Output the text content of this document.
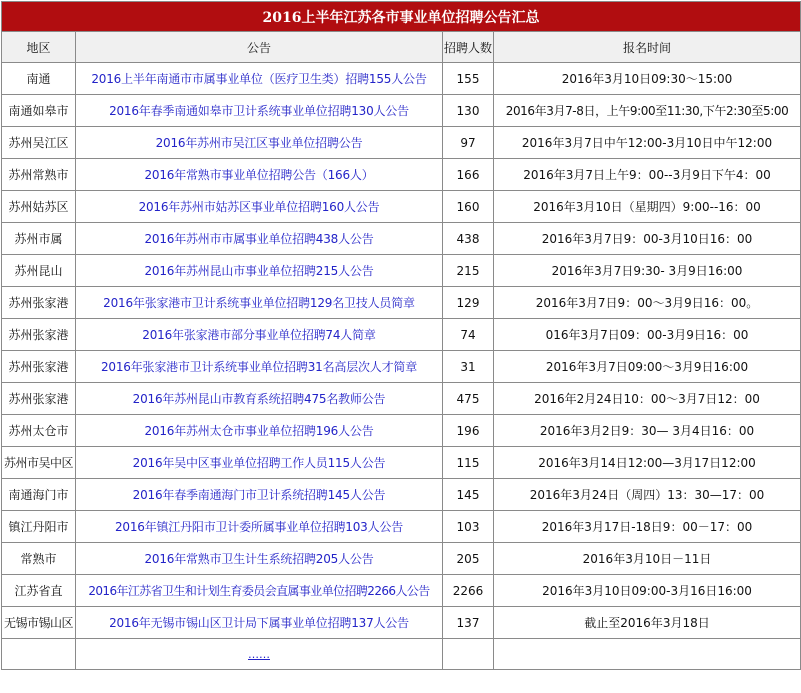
2016上半年江苏各市事业单位招聘公告汇总			
地区	公告	招聘人数	报名时间
南通	2016上半年南通市市属事业单位（医疗卫生类）招聘155人公告	155	2016年3月10日09:30～15:00
南通如皋市	2016年春季南通如皋市卫计系统事业单位招聘130人公告	130	2016年3月7-8日，上午9:00至11:30,下午2:30至5:00
苏州吴江区	2016年苏州市吴江区事业单位招聘公告	97	2016年3月7日中午12:00-3月10日中午12:00
苏州常熟市	2016年常熟市事业单位招聘公告（166人）	166	2016年3月7日上午9：00--3月9日下午4：00
苏州姑苏区	2016年苏州市姑苏区事业单位招聘160人公告	160	2016年3月10日（星期四）9:00--16：00
苏州市属	2016年苏州市市属事业单位招聘438人公告	438	2016年3月7日9：00-3月10日16：00
苏州昆山	2016年苏州昆山市事业单位招聘215人公告	215	2016年3月7日9:30- 3月9日16:00
苏州张家港	2016年张家港市卫计系统事业单位招聘129名卫技人员简章	129	2016年3月7日9：00～3月9日16：00。
苏州张家港	2016年张家港市部分事业单位招聘74人简章	74	016年3月7日09：00-3月9日16：00
苏州张家港	2016年张家港市卫计系统事业单位招聘31名高层次人才简章	31	2016年3月7日09:00～3月9日16:00
苏州张家港	2016年苏州昆山市教育系统招聘475名教师公告	475	2016年2月24日10：00～3月7日12：00
苏州太仓市	2016年苏州太仓市事业单位招聘196人公告	196	2016年3月2日9：30— 3月4日16：00
苏州市吴中区	2016年吴中区事业单位招聘工作人员115人公告	115	2016年3月14日12:00—3月17日12:00
南通海门市	2016年春季南通海门市卫计系统招聘145人公告	145	2016年3月24日（周四）13：30—17：00
镇江丹阳市	2016年镇江丹阳市卫计委所属事业单位招聘103人公告	103	2016年3月17日-18日9：00－17：00
常熟市	2016年常熟市卫生计生系统招聘205人公告	205	2016年3月10日－11日
江苏省直	2016年江苏省卫生和计划生育委员会直属事业单位招聘2266人公告	2266	2016年3月10日09:00-3月16日16:00
无锡市锡山区	2016年无锡市锡山区卫计局下属事业单位招聘137人公告	137	截止至2016年3月18日
	……		
